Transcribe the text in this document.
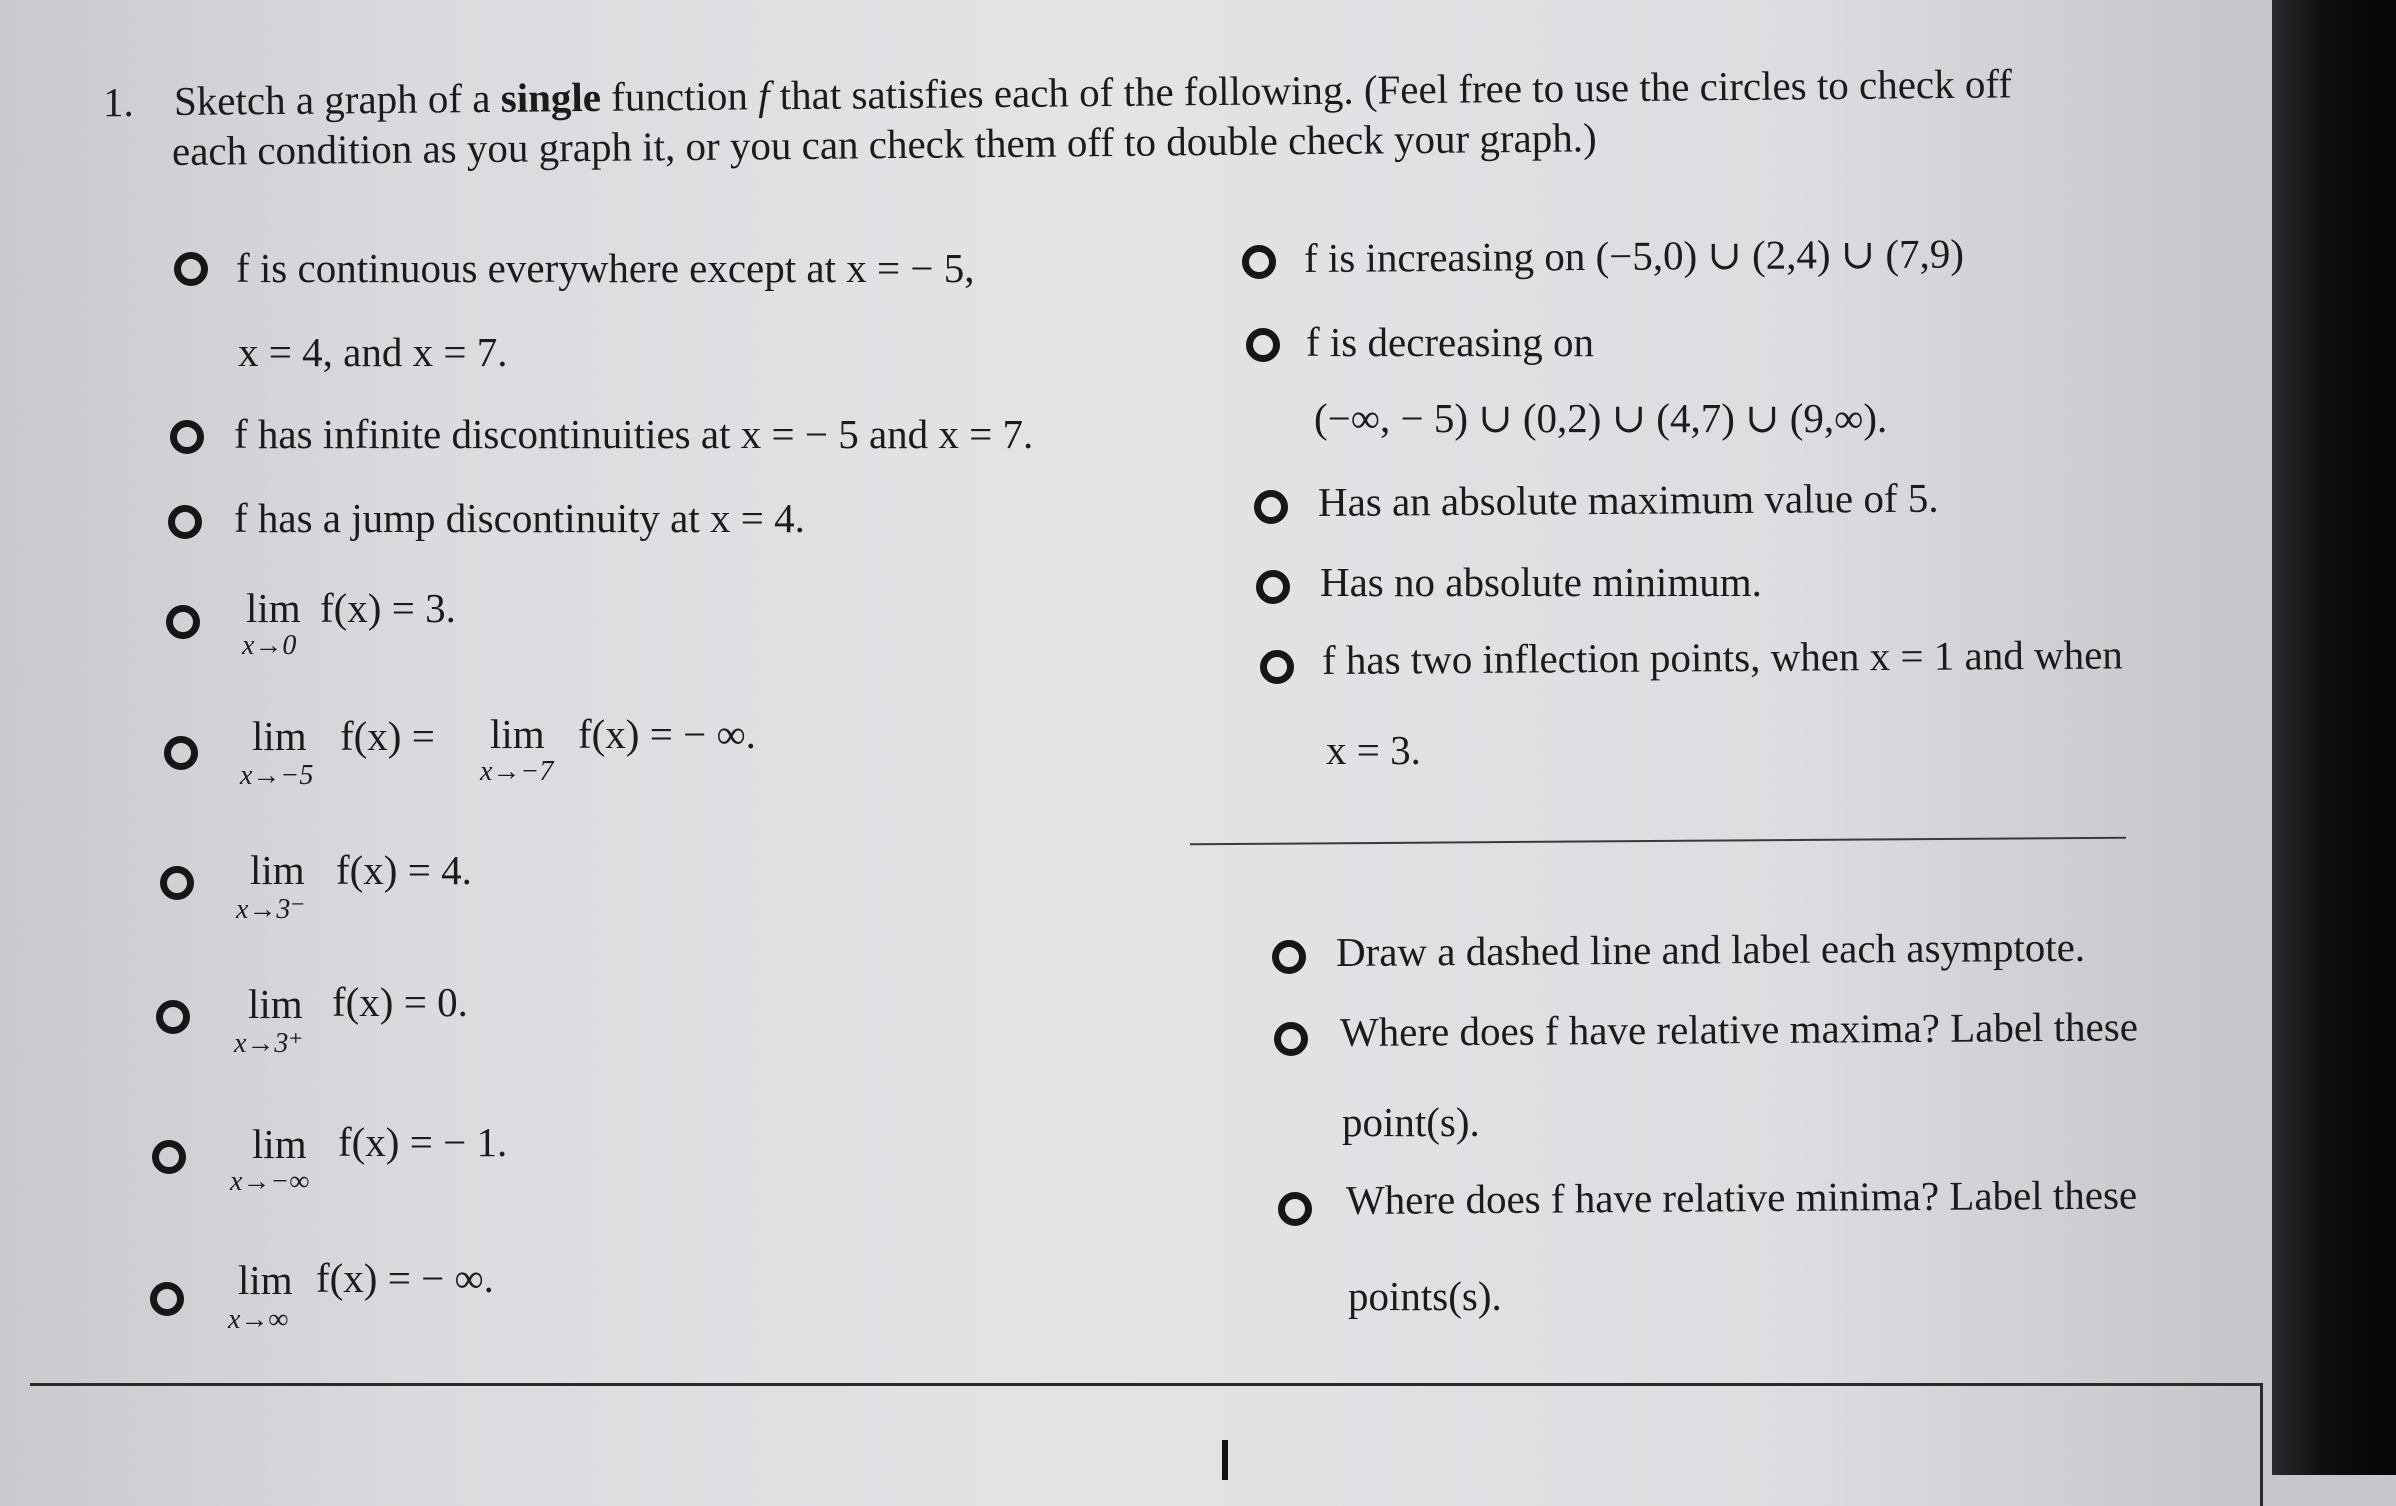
1. Sketch a graph of a single function f that satisfies each of the following. (Feel free to use the circles to check off
each condition as you graph it, or you can check them off to double check your graph.)
f is continuous everywhere except at x = − 5,
x = 4, and x = 7.
f has infinite discontinuities at x = − 5 and x = 7.
f has a jump discontinuity at x = 4.
lim
x→0
f(x) = 3.
lim
x→−5
f(x) = lim
x→−7
f(x) = − ∞.
lim
x→3⁻
f(x) = 4.
lim
x→3⁺
f(x) = 0.
lim
x→−∞
f(x) = − 1.
lim
x→∞
f(x) = − ∞.
f is increasing on (−5,0) ∪ (2,4) ∪ (7,9)
f is decreasing on
(−∞, − 5) ∪ (0,2) ∪ (4,7) ∪ (9,∞).
Has an absolute maximum value of 5.
Has no absolute minimum.
f has two inflection points, when x = 1 and when
x = 3.
Draw a dashed line and label each asymptote.
Where does f have relative maxima? Label these
point(s).
Where does f have relative minima? Label these
points(s).
